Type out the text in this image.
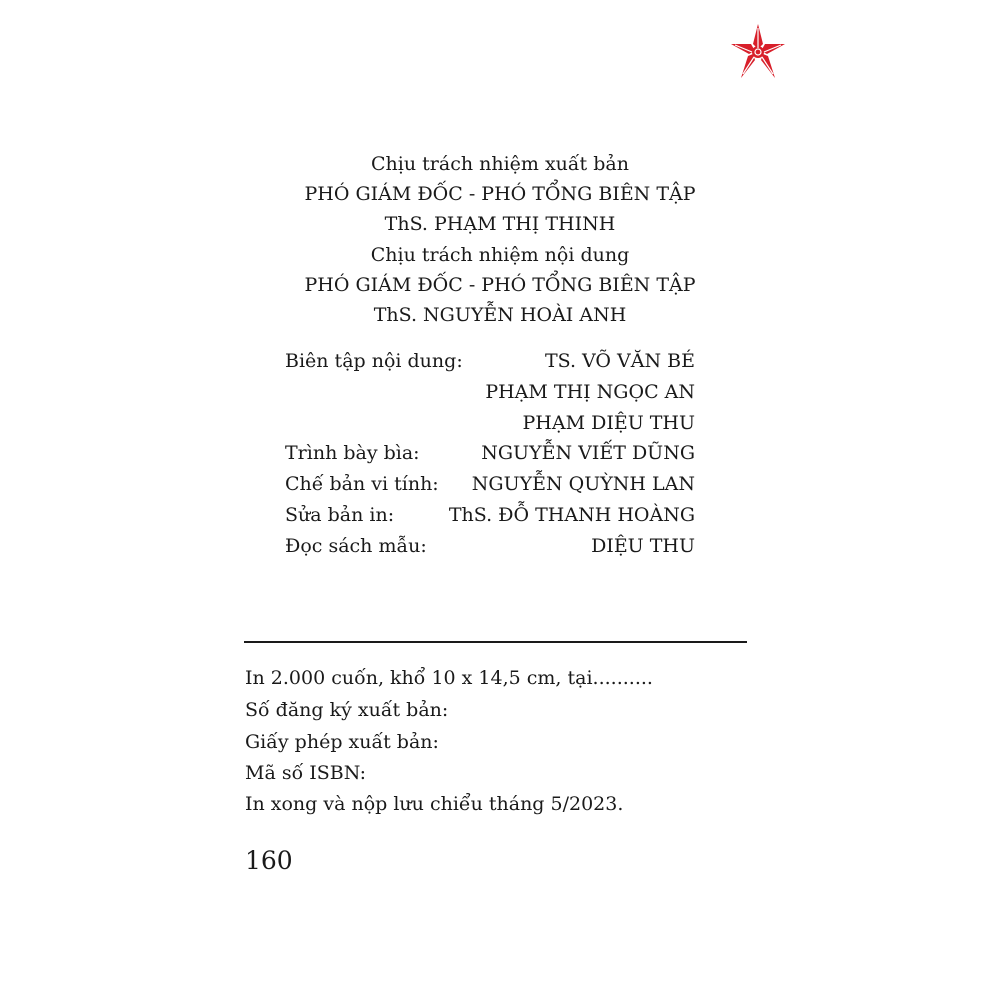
Chịu trách nhiệm xuất bản
PHÓ GIÁM ĐỐC - PHÓ TỔNG BIÊN TẬP
ThS. PHẠM THỊ THINH
Chịu trách nhiệm nội dung
PHÓ GIÁM ĐỐC - PHÓ TỔNG BIÊN TẬP
ThS. NGUYỄN HOÀI ANH
Biên tập nội dung:	TS. VÕ VĂN BÉ
PHẠM THỊ NGỌC AN
PHẠM DIỆU THU
Trình bày bìa:	NGUYỄN VIẾT DŨNG
Chế bản vi tính: NGUYỄN QUỲNH LAN
Sửa bản in:	ThS. ĐỖ THANH HOÀNG
Đọc sách mẫu:	DIỆU THU
In 2.000 cuốn, khổ 10 x 14,5 cm, tại..........
Số đăng ký xuất bản:
Giấy phép xuất bản:
Mã số ISBN:
In xong và nộp lưu chiểu tháng 5/2023.
160
